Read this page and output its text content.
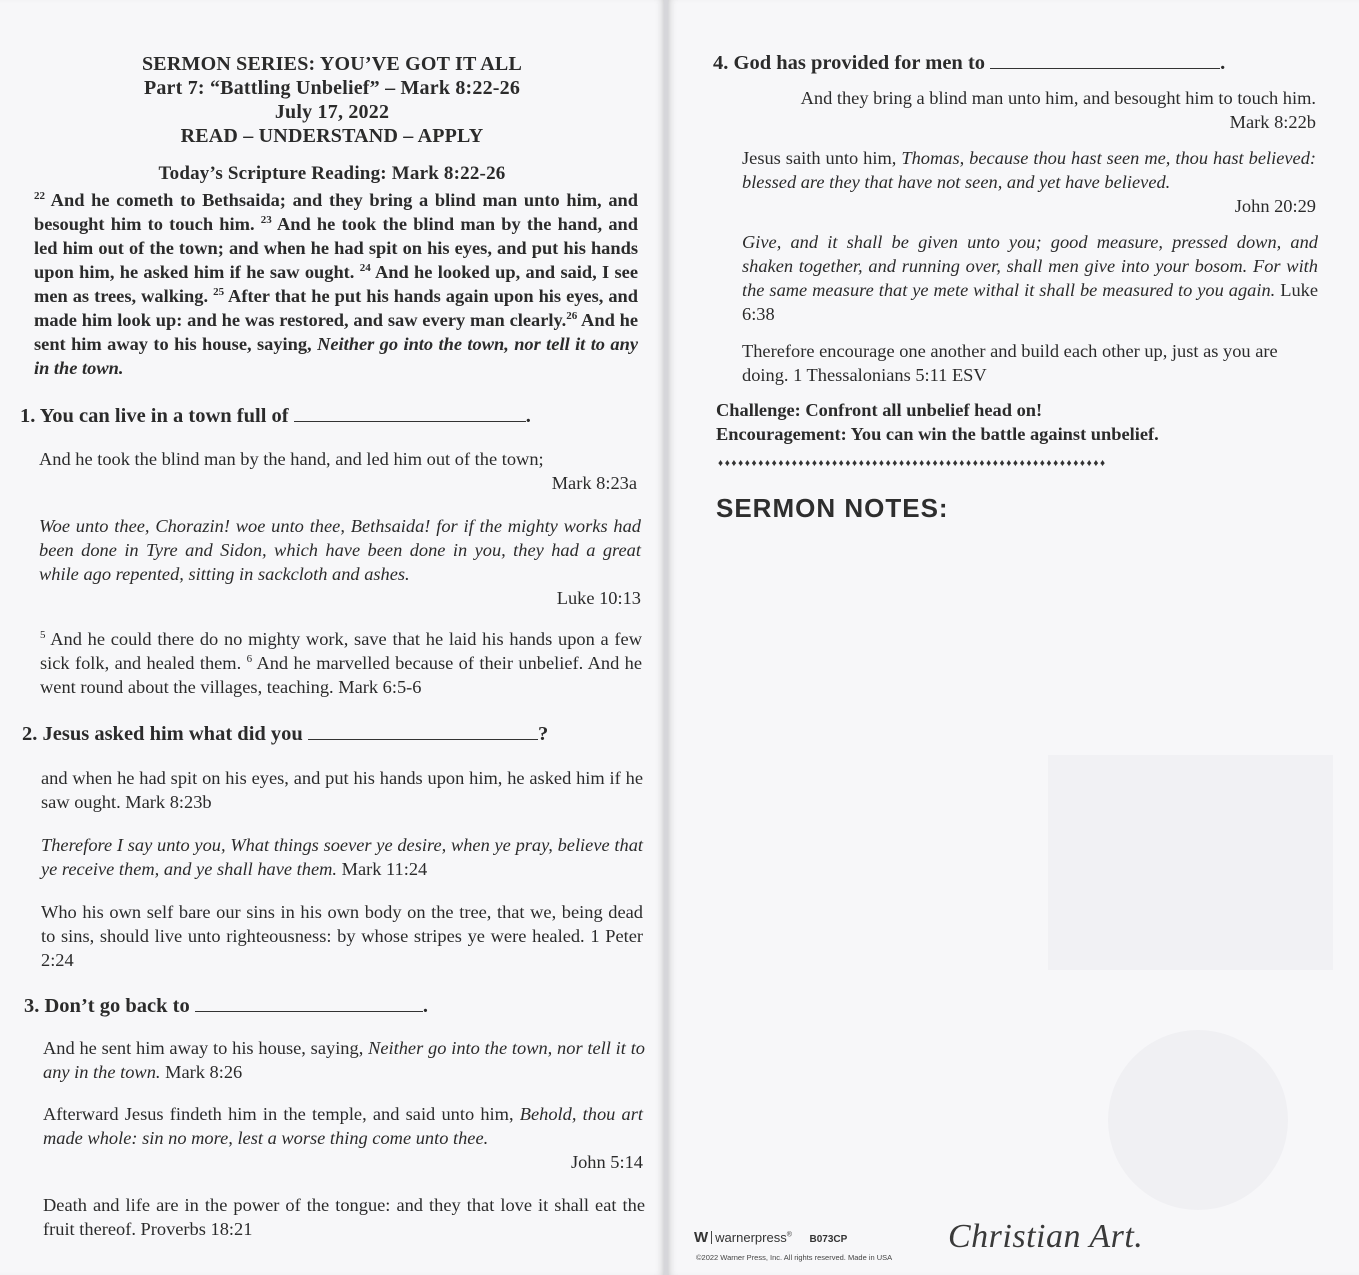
SERMON SERIES: YOU’VE GOT IT ALL
Part 7: “Battling Unbelief” – Mark 8:22-26
July 17, 2022
READ – UNDERSTAND – APPLY
Today’s Scripture Reading: Mark 8:22-26

$^{22}$ And he cometh to Bethsaida; and they bring a blind man unto him, and besought him to touch him. $^{23}$ And he took the blind man by the hand, and led him out of the town; and when he had spit on his eyes, and put his hands upon him, he asked him if he saw ought. $^{24}$ And he looked up, and said, I see men as trees, walking. $^{25}$ After that he put his hands again upon his eyes, and made him look up: and he was restored, and saw every man clearly.$^{26}$ And he sent him away to his house, saying, Neither go into the town, nor tell it to any in the town.

1. You can live in a town full of	.
And he took the blind man by the hand, and led him out of the town;
Mark 8:23a
Woe unto thee, Chorazin! woe unto thee, Bethsaida! for if the mighty works had been done in Tyre and Sidon, which have been done in you, they had a great while ago repented, sitting in sackcloth and ashes.
Luke 10:13
$^5$ And he could there do no mighty work, save that he laid his hands upon a few sick folk, and healed them. $^6$ And he marvelled because of their unbelief. And he went round about the villages, teaching. Mark 6:5-6
2. Jesus asked him what did you	?
and when he had spit on his eyes, and put his hands upon him, he asked him if he saw ought. Mark 8:23b
Therefore I say unto you, What things soever ye desire, when ye pray, believe that ye receive them, and ye shall have them. Mark 11:24
Who his own self bare our sins in his own body on the tree, that we, being dead to sins, should live unto righteousness: by whose stripes ye were healed. 1 Peter 2:24
3. Don’t go back to	.
And he sent him away to his house, saying, Neither go into the town, nor tell it to any in the town. Mark 8:26
Afterward Jesus findeth him in the temple, and said unto him, Behold, thou art made whole: sin no more, lest a worse thing come unto thee.
John 5:14
Death and life are in the power of the tongue: and they that love it shall eat the fruit thereof. Proverbs 18:21
4. God has provided for men to	.
And they bring a blind man unto him, and besought him to touch him.
Mark 8:22b
Jesus saith unto him, Thomas, because thou hast seen me, thou hast believed: blessed are they that have not seen, and yet have believed.
John 20:29
Give, and it shall be given unto you; good measure, pressed down, and shaken together, and running over, shall men give into your bosom. For with the same measure that ye mete withal it shall be measured to you again. Luke 6:38
Therefore encourage one another and build each other up, just as you are doing. 1 Thessalonians 5:11 ESV
Challenge: Confront all unbelief head on!
Encouragement: You can win the battle against unbelief.
♦♦♦♦♦♦♦♦♦♦♦♦♦♦♦♦♦♦♦♦♦♦♦♦♦♦♦♦♦♦♦♦♦♦♦♦♦♦♦♦♦♦♦♦♦♦♦♦♦♦♦♦♦♦♦♦♦♦
SERMON NOTES:
W warnerpress® B073CP
©2022 Warner Press, Inc. All rights reserved. Made in USA
Christian Art.
